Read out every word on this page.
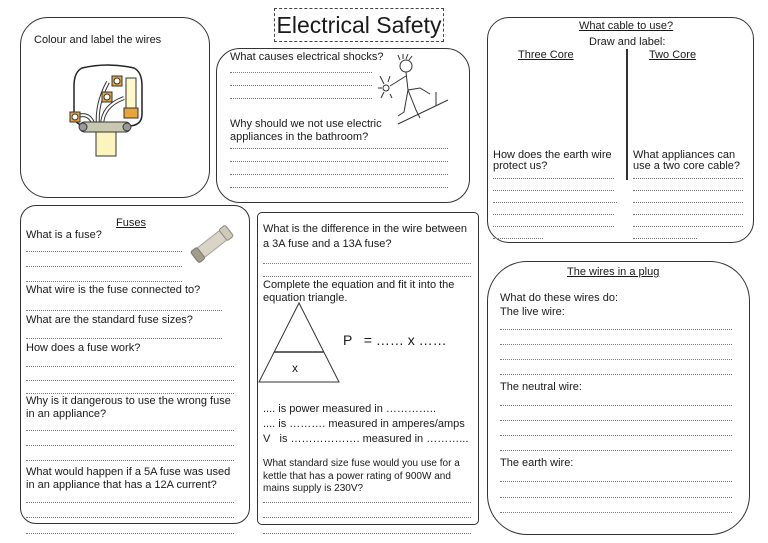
Electrical Safety
Colour and label the wires
What causes electrical shocks?
Why should we not use electric
appliances in the bathroom?
What cable to use?
Draw and label:
Three Core	Two Core
How does the earth wire
protect us?
What appliances can
use a two core cable?
Fuses
What is a fuse?
What wire is the fuse connected to?
What are the standard fuse sizes?
How does a fuse work?
Why is it dangerous to use the wrong fuse
in an appliance?
What would happen if a 5A fuse was used
in an appliance that has a 12A current?
What is the difference in the wire between
a 3A fuse and a 13A fuse?
Complete the equation and fit it into the
equation triangle.
x
P   = …… x ……
.... is power measured in …………..
.... is ………. measured in amperes/amps
V   is ………………. measured in ………...
What standard size fuse would you use for a
kettle that has a power rating of 900W and
mains supply is 230V?
The wires in a plug
What do these wires do:
The live wire:
The neutral wire:
The earth wire:
